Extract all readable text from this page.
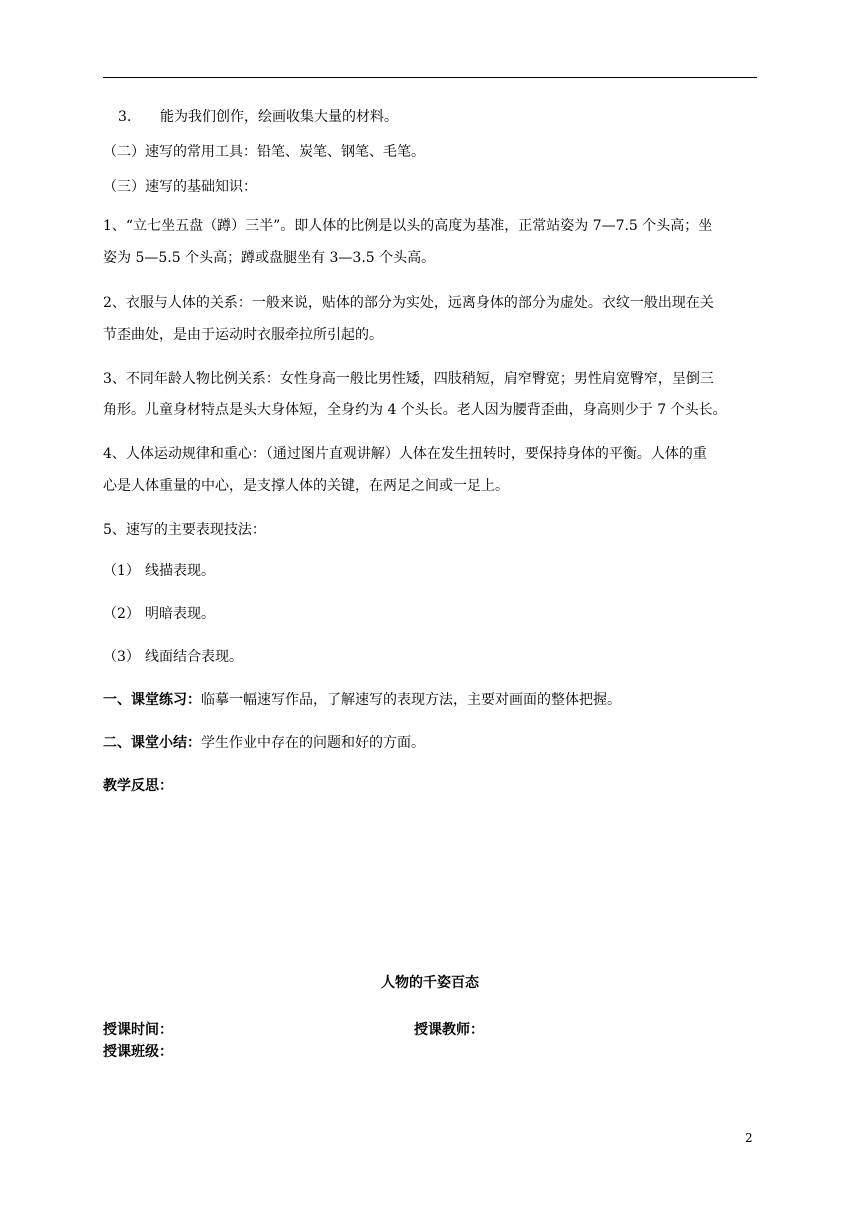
3. 能为我们创作，绘画收集大量的材料。
（二）速写的常用工具：铅笔、炭笔、钢笔、毛笔。
（三）速写的基础知识：
1、“立七坐五盘（蹲）三半”。即人体的比例是以头的高度为基准，正常站姿为 7—7.5 个头高；坐
姿为 5—5.5 个头高；蹲或盘腿坐有 3—3.5 个头高。
2、衣服与人体的关系：一般来说，贴体的部分为实处，远离身体的部分为虚处。衣纹一般出现在关
节歪曲处，是由于运动时衣服牵拉所引起的。
3、不同年龄人物比例关系：女性身高一般比男性矮，四肢稍短，肩窄臀宽；男性肩宽臀窄，呈倒三
角形。儿童身材特点是头大身体短，全身约为 4 个头长。老人因为腰背歪曲，身高则少于 7 个头长。
4、人体运动规律和重心：（通过图片直观讲解）人体在发生扭转时，要保持身体的平衡。人体的重
心是人体重量的中心，是支撑人体的关键，在两足之间或一足上。
5、速写的主要表现技法：
（1） 线描表现。
（2） 明暗表现。
（3） 线面结合表现。
一、课堂练习：临摹一幅速写作品，了解速写的表现方法，主要对画面的整体把握。
二、课堂小结：学生作业中存在的问题和好的方面。
教学反思：
人物的千姿百态
授课时间：	授课教师：
授课班级：
2
